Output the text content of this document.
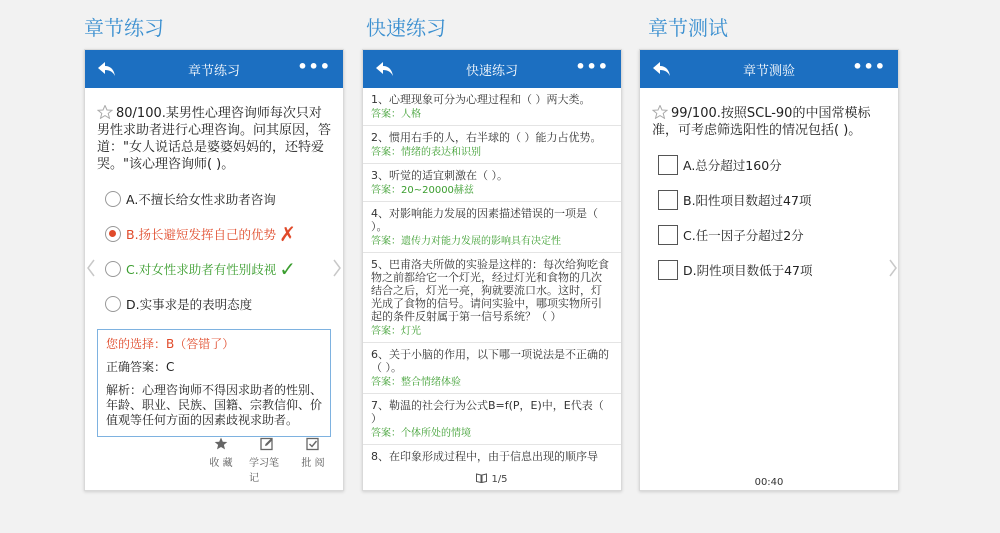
章节练习	快速练习	章节测试
章节练习	•••
80/100.某男性心理咨询师每次只对男性求助者进行心理咨询。问其原因，答道："女人说话总是婆婆妈妈的，还特爱哭。"该心理咨询师( )。
A.不擅长给女性求助者咨询
B.扬长避短发挥自己的优势 ✗
C.对女性求助者有性别歧视 ✓
D.实事求是的表明态度
您的选择：B（答错了）
正确答案：C
解析：心理咨询师不得因求助者的性别、年龄、职业、民族、国籍、宗教信仰、价值观等任何方面的因素歧视求助者。
收 藏 学习笔记
批 阅
快速练习	•••
1、心理现象可分为心理过程和（ ）两大类。
答案：人格
2、惯用右手的人，右半球的（ ）能力占优势。
答案：情绪的表达和识别
3、听觉的适宜刺激在（ ）。
答案：20~20000赫兹
4、对影响能力发展的因素描述错误的一项是（ ）。
答案：遗传力对能力发展的影响具有决定性
5、巴甫洛夫所做的实验是这样的：每次给狗吃食物之前都给它一个灯光，经过灯光和食物的几次结合之后，灯光一亮，狗就要流口水。这时，灯光成了食物的信号。请问实验中，哪项实物所引起的条件反射属于第一信号系统？（ ）
答案：灯光
6、关于小脑的作用，以下哪一项说法是不正确的（ ）。
答案：整合情绪体验
7、勒温的社会行为公式B=f(P，E)中，E代表（ ）
答案：个体所处的情境
8、在印象形成过程中，由于信息出现的顺序导
1/5
章节测验	•••
99/100.按照SCL-90的中国常模标准，可考虑筛选阳性的情况包括( )。
A.总分超过160分
B.阳性项目数超过47项
C.任一因子分超过2分
D.阴性项目数低于47项
00:40
